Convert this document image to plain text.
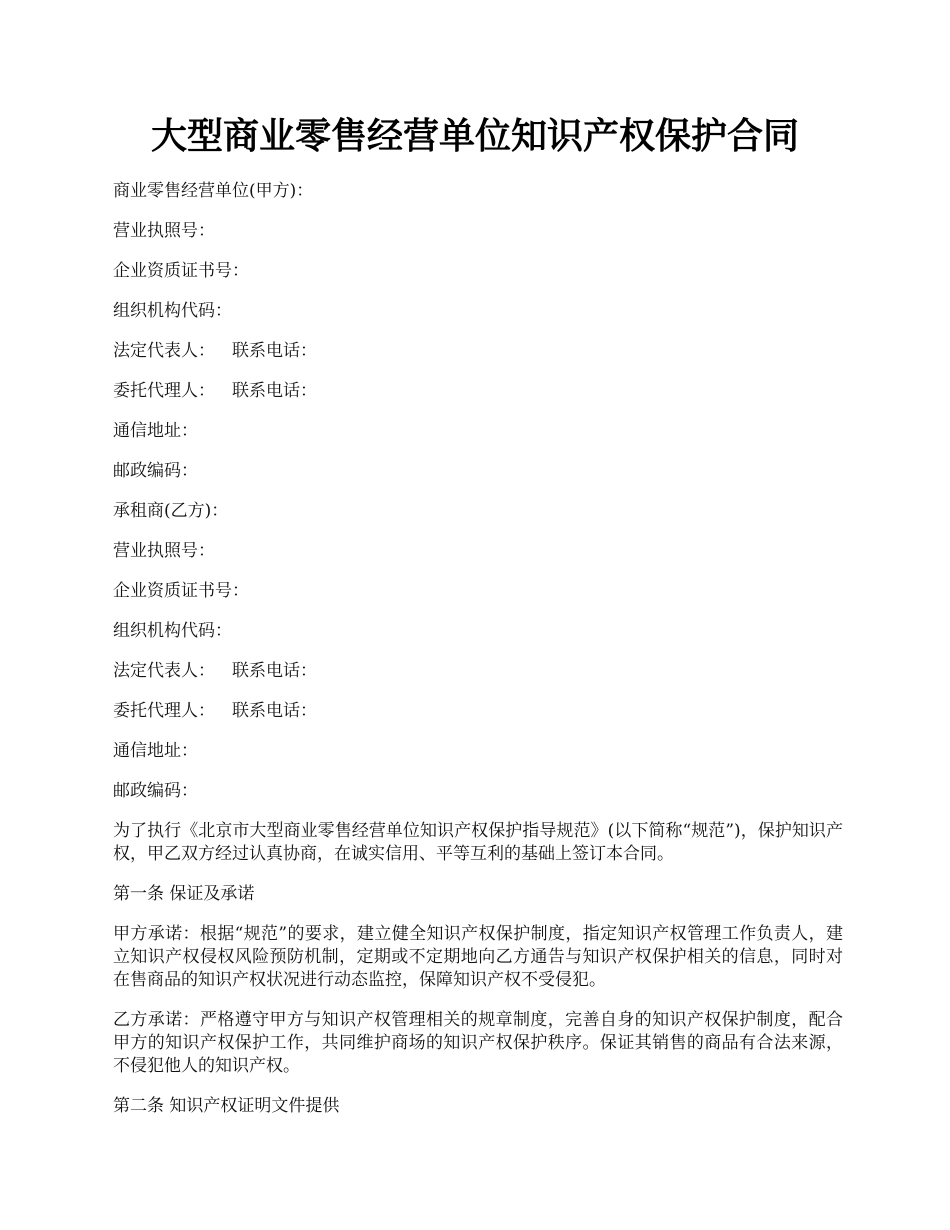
大型商业零售经营单位知识产权保护合同
商业零售经营单位(甲方)：
营业执照号：
企业资质证书号：
组织机构代码：
法定代表人： 联系电话：
委托代理人： 联系电话：
通信地址：
邮政编码：
承租商(乙方)：
营业执照号：
企业资质证书号：
组织机构代码：
法定代表人： 联系电话：
委托代理人： 联系电话：
通信地址：
邮政编码：
为了执行《北京市大型商业零售经营单位知识产权保护指导规范》(以下简称“规范”)，保护知识产权，甲乙双方经过认真协商，在诚实信用、平等互利的基础上签订本合同。
第一条 保证及承诺
甲方承诺：根据“规范”的要求，建立健全知识产权保护制度，指定知识产权管理工作负责人，建立知识产权侵权风险预防机制，定期或不定期地向乙方通告与知识产权保护相关的信息，同时对在售商品的知识产权状况进行动态监控，保障知识产权不受侵犯。
乙方承诺：严格遵守甲方与知识产权管理相关的规章制度，完善自身的知识产权保护制度，配合甲方的知识产权保护工作，共同维护商场的知识产权保护秩序。保证其销售的商品有合法来源，不侵犯他人的知识产权。
第二条 知识产权证明文件提供
